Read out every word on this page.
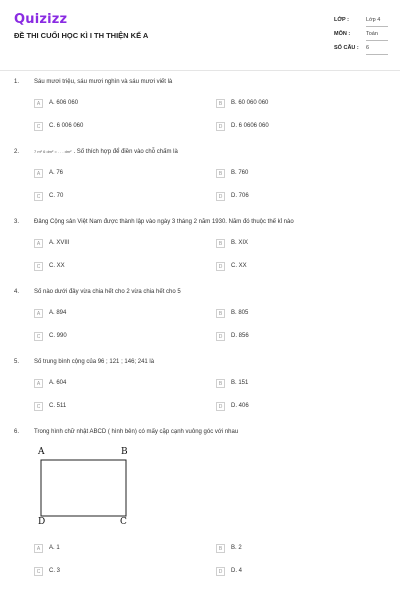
Quizizz
ĐỀ THI CUỐI HỌC KÌ I TH THIỆN KẾ A
LỚP :	Lớp 4
MÔN :	Toán
SỐ CÂU : 6
1. Sáu mươi triệu, sáu mươi nghìn và sáu mươi viết là
A	A. 606 060	B	B. 60 060 060
C	C. 6 006 060	D	D. 6 0606 060
2.	7 m² 6 dm² = . . . dm² . Số thích hợp để điền vào chỗ chấm là
A	A. 76	B	B. 760
C	C. 70	D	D. 706
3. Đảng Cộng sản Việt Nam được thành lập vào ngày 3 tháng 2 năm 1930. Năm đó thuộc thế kỉ nào
A	A. XVIII	B	B. XIX
C	C. XX	D	C. XX
4. Số nào dưới đây vừa chia hết cho 2 vừa chia hết cho 5
A	A. 894	B	B. 805
C	C. 990	D	D. 856
5. Số trung bình cộng của 96 ; 121 ; 146; 241 là
A	A. 604	B	B. 151
C	C. 511	D	D. 406
6. Trong hình chữ nhật ABCD ( hình bên) có mấy cặp cạnh vuông góc với nhau
A	B
D	C
A	A. 1	B	B. 2
C	C. 3	D	D. 4
